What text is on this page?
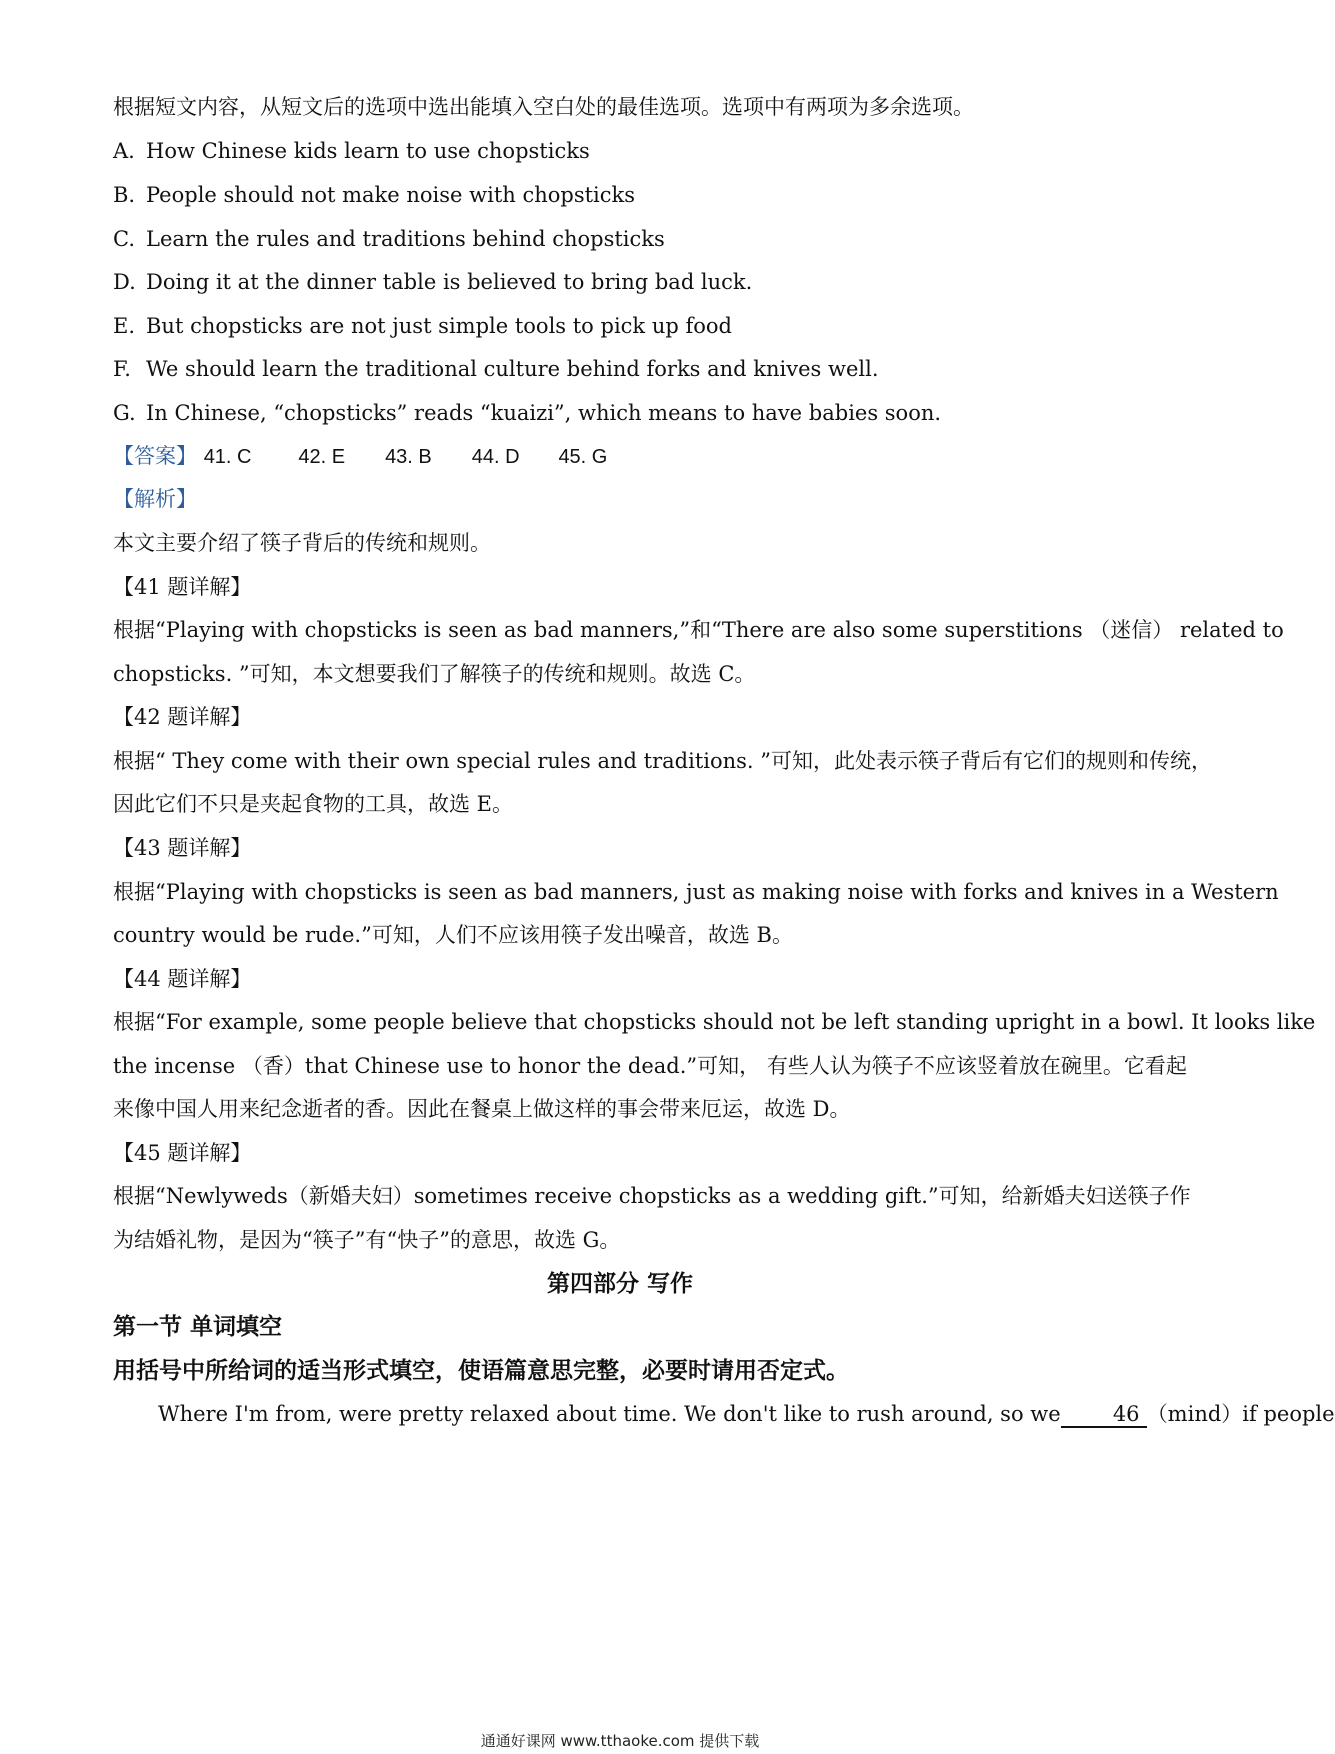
根据短文内容，从短文后的选项中选出能填入空白处的最佳选项。选项中有两项为多余选项。
A. How Chinese kids learn to use chopsticks
B. People should not make noise with chopsticks
C. Learn the rules and traditions behind chopsticks
D. Doing it at the dinner table is believed to bring bad luck.
E. But chopsticks are not just simple tools to pick up food
F. We should learn the traditional culture behind forks and knives well.
G. In Chinese, “chopsticks” reads “kuaizi”, which means to have babies soon.
【答案】 41. C 42. E 43. B 44. D 45. G
【解析】
本文主要介绍了筷子背后的传统和规则。
【41 题详解】
根据“Playing with chopsticks is seen as bad manners,”和“There are also some superstitions （迷信） related to
chopsticks. ”可知，本文想要我们了解筷子的传统和规则。故选 C。
【42 题详解】
根据“ They come with their own special rules and traditions. ”可知，此处表示筷子背后有它们的规则和传统，
因此它们不只是夹起食物的工具，故选 E。
【43 题详解】
根据“Playing with chopsticks is seen as bad manners, just as making noise with forks and knives in a Western
country would be rude.”可知，人们不应该用筷子发出噪音，故选 B。
【44 题详解】
根据“For example, some people believe that chopsticks should not be left standing upright in a bowl. It looks like
the incense （香）that Chinese use to honor the dead.”可知， 有些人认为筷子不应该竖着放在碗里。它看起
来像中国人用来纪念逝者的香。因此在餐桌上做这样的事会带来厄运，故选 D。
【45 题详解】
根据“Newlyweds（新婚夫妇）sometimes receive chopsticks as a wedding gift.”可知，给新婚夫妇送筷子作
为结婚礼物，是因为“筷子”有“快子”的意思，故选 G。
第四部分 写作
第一节 单词填空
用括号中所给词的适当形式填空，使语篇意思完整，必要时请用否定式。
Where I'm from, were pretty relaxed about time. We don't like to rush around, so we 46 （mind）if people
通通好课网 www.tthaoke.com 提供下载
